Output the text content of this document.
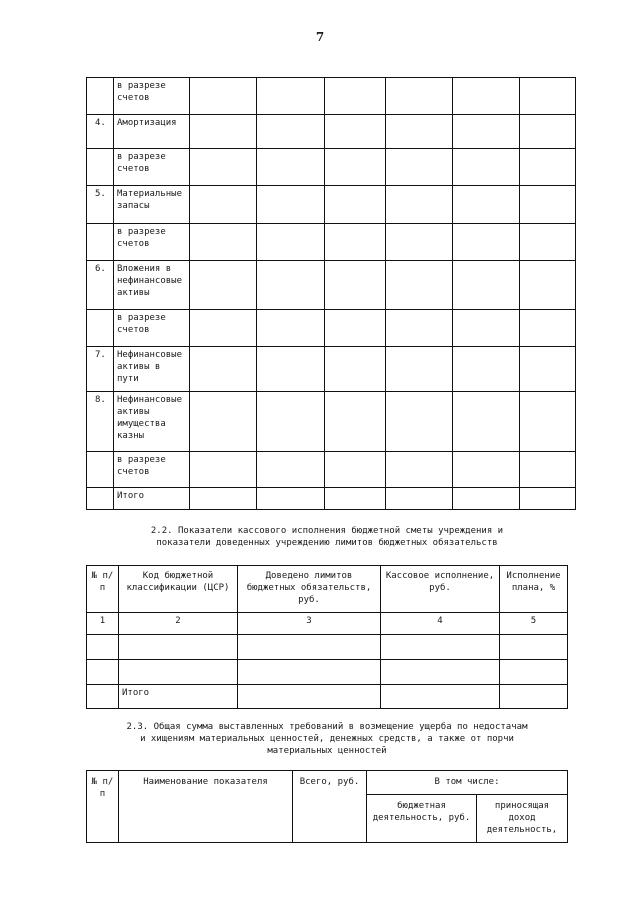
7
	в разрезе счетов						
4.	Амортизация						
	в разрезе счетов						
5.	Материальные запасы						
	в разрезе счетов						
6.	Вложения в нефинансовые активы						
	в разрезе счетов						
7.	Нефинансовые активы в пути						
8.	Нефинансовые активы имущества казны						
	в разрезе счетов						
	Итого						
2.2. Показатели кассового исполнения бюджетной сметы учреждения и
показатели доведенных учреждению лимитов бюджетных обязательств
№ п/п	Код бюджетной классификации (ЦСР)	Доведено лимитов бюджетных обязательств, руб.	Кассовое исполнение, руб.	Исполнение плана, %
1	2	3	4	5

	Итого			
2.3. Общая сумма выставленных требований в возмещение ущерба по недостачам
и хищениям материальных ценностей, денежных средств, а также от порчи
материальных ценностей
№ п/п	Наименование показателя	Всего, руб.	В том числе:	
			бюджетная деятельность, руб.	приносящая доход деятельность,
